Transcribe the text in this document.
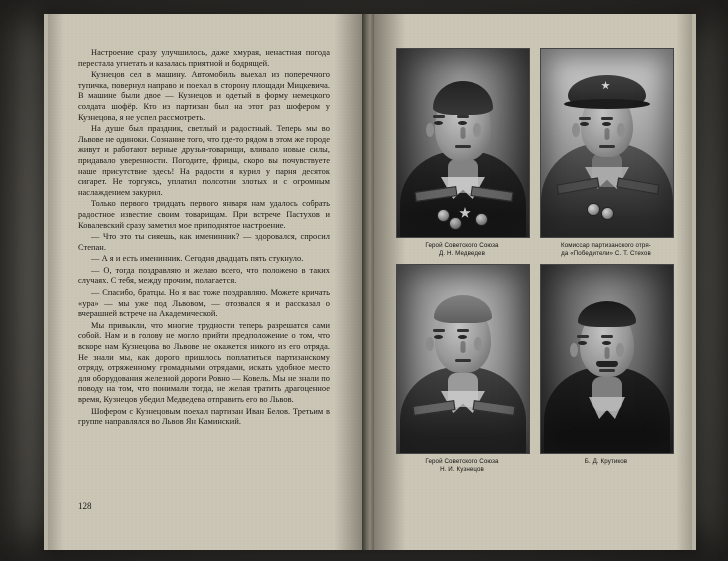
Настроение сразу улучшилось, даже хмурая, ненастная погода перестала угнетать и казалась приятной и бодрящей.

Кузнецов сел в машину. Автомобиль выехал из поперечного тупичка, повернул направо и поехал в сторону площади Мицкевича. В машине были двое — Кузнецов и одетый в форму немецкого солдата шофёр. Кто из партизан был на этот раз шофером у Кузнецова, я не успел рассмотреть.

На душе был праздник, светлый и радостный. Теперь мы во Львове не одиноки. Сознание того, что где-то рядом в этом же городе живут и работают верные друзья-товарищи, вливало новые силы, придавало уверенности. Погодите, фрицы, скоро вы почувствуете наше присутствие здесь! На радости я курил у парня десяток сигарет. Не торгуясь, уплатил полсотни злотых и с огромным наслаждением закурил.

Только первого тридцать первого января нам удалось собрать радостное известие своим товарищам. При встрече Пастухов и Ковалевский сразу заметил мое приподнятое настроение.

— Что это ты сияешь, как именинник? — здоровался, спросил Степан.

— А я и есть именинник. Сегодня двадцать пять стукнуло.

— О, тогда поздравляю и желаю всего, что положено в таких случаях. С тебя, между прочим, полагается.

— Спасибо, братцы. Но я вас тоже поздравляю. Можете кричать «ура» — мы уже под Львовом, — отозвался я и рассказал о вчерашней встрече на Академической.

Мы привыкли, что многие трудности теперь разрешатся сами собой. Нам и в голову не могло прийти предположение о том, что вскоре нам Кузнецова во Львове не окажется никого из его отряда. Не знали мы, как дорого пришлось поплатиться партизанскому отряду, отряженному громадными отрядами, искать удобное место для оборудования железной дороги Ровно — Ковель. Мы не знали по поводу на том, что понимали тогда, не желая тратить драгоценное время, Кузнецов убедил Медведева отправить его во Львов.

Шофером с Кузнецовым поехал партизан Иван Белов. Третьим в группе направлялся во Львов Ян Каминский.

128
Герой Советского Союза
Д. Н. Медведев
Комиссар партизанского отря-
да «Победители» С. Т. Стехов
Герой Советского Союза
Н. И. Кузнецов
Б. Д. Крутиков
